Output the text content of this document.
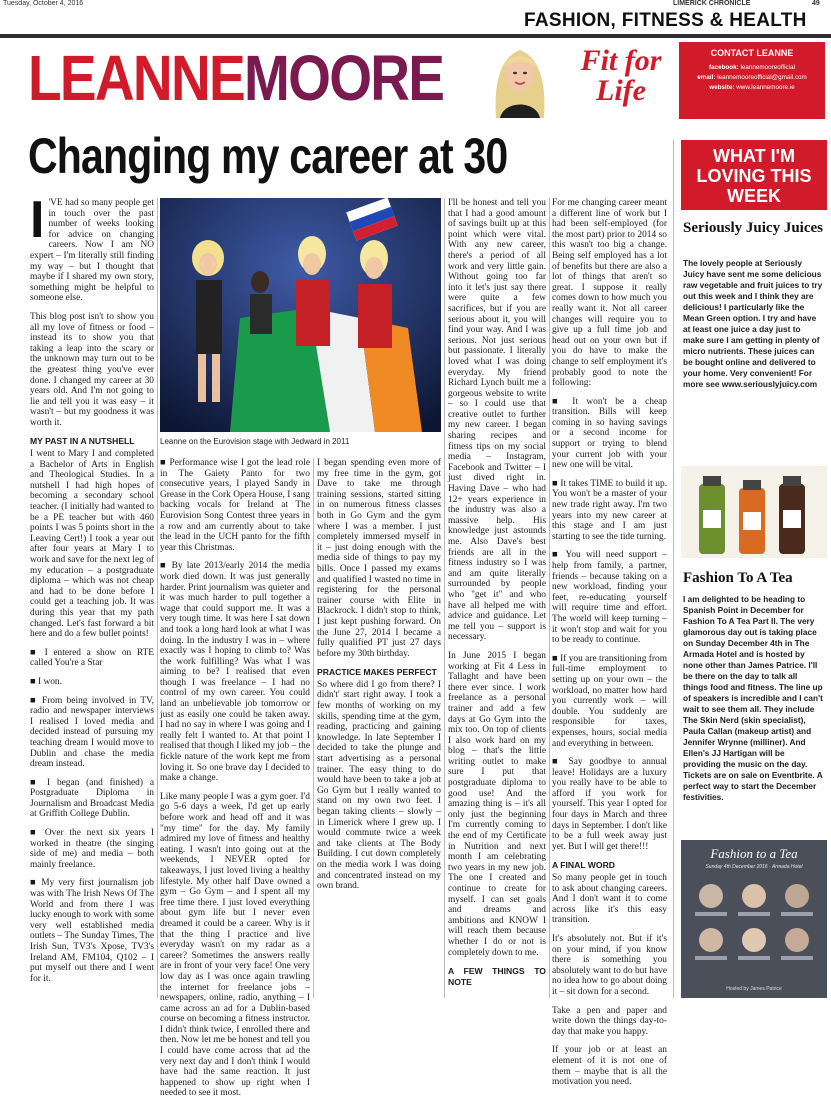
Tuesday, October 4, 2016	LIMERICK CHRONICLE	49
FASHION, FITNESS & HEALTH
LEANNEMOORE	Fit for Life
CONTACT LEANNE
facebook: leannemooreofficial
email: leannemooreofficial@gmail.com
website: www.leannemoore.ie
Changing my career at 30
I 'VE had so many people get in touch over the past number of weeks looking for advice on changing careers. Now I am NO expert – I'm literally still finding my way – but I thought that maybe if I shared my own story, something might be helpful to someone else.

This blog post isn't to show you all my love of fitness or food – instead its to show you that taking a leap into the scary or the unknown may turn out to be the greatest thing you've ever done. I changed my career at 30 years old. And I'm not going to lie and tell you it was easy – it wasn't – but my goodness it was worth it.

MY PAST IN A NUTSHELL

I went to Mary I and completed a Bachelor of Arts in English and Theological Studies. In a nutshell I had high hopes of becoming a secondary school teacher. (I initially had wanted to be a PE teacher but with 460 points I was 5 points short in the Leaving Cert!) I took a year out after four years at Mary I to work and save for the next leg of my education – a postgraduate diploma – which was not cheap and had to be done before I could get a teaching job. It was during this year that my path changed. Let's fast forward a bit here and do a few bullet points!

■ I entered a show on RTE called You're a Star

■ I won.

■ From being involved in TV, radio and newspaper interviews I realised I loved media and decided instead of pursuing my teaching dream I would move to Dublin and chase the media dream instead.

■ I began (and finished) a Postgraduate Diploma in Journalism and Broadcast Media at Griffith College Dublin.

■ Over the next six years I worked in theatre (the singing side of me) and media – both mainly freelance.

■ My very first journalism job was with The Irish News Of The World and from there I was lucky enough to work with some very well established media outlets – The Sunday Times, The Irish Sun, TV3's Xpose, TV3's Ireland AM, FM104, Q102 – I put myself out there and I went for it.

Leanne on the Eurovision stage with Jedward in 2011

■ Performance wise I got the lead role in The Gaiety Panto for two consecutive years, I played Sandy in Grease in the Cork Opera House, I sang backing vocals for Ireland at The Eurovision Song Contest three years in a row and am currently about to take the lead in the UCH panto for the fifth year this Christmas.

■ By late 2013/early 2014 the media work died down. It was just generally harder. Print journalism was quieter and it was much harder to pull together a wage that could support me. It was a very tough time. It was here I sat down and took a long hard look at what I was doing. In the industry I was in – where exactly was I hoping to climb to? Was the work fulfilling? Was what I was aiming to be? I realised that even though I was freelance – I had no control of my own career. You could land an unbelievable job tomorrow or just as easily one could be taken away. I had no say in where I was going and I really felt I wanted to. At that point I realised that though I liked my job – the fickle nature of the work kept me from loving it. So one brave day I decided to make a change.

Like many people I was a gym goer. I'd go 5-6 days a week, I'd get up early before work and head off and it was "my time" for the day. My family admired my love of fitness and healthy eating. I wasn't into going out at the weekends, I NEVER opted for takeaways, I just loved living a healthy lifestyle. My other half Dave owned a gym – Go Gym – and I spent all my free time there. I just loved everything about gym life but I never even dreamed it could be a career. Why is it that the thing I practice and live everyday wasn't on my radar as a career? Sometimes the answers really are in front of your very face! One very low day as I was once again trawling the internet for freelance jobs – newspapers, online, radio, anything – I came across an ad for a Dublin-based course on becoming a fitness instructor. I didn't think twice, I enrolled there and then. Now let me be honest and tell you I could have come across that ad the very next day and I don't think I would have had the same reaction. It just happened to show up right when I needed to see it most.

I began spending even more of my free time in the gym, got Dave to take me through training sessions, started sitting in on numerous fitness classes both in Go Gym and the gym where I was a member. I just completely immersed myself in it – just doing enough with the media side of things to pay my bills. Once I passed my exams and qualified I wasted no time in registering for the personal trainer course with Elite in Blackrock. I didn't stop to think, I just kept pushing forward. On the June 27, 2014 I became a fully qualified PT just 27 days before my 30th birthday.

PRACTICE MAKES PERFECT

So where did I go from there? I didn't' start right away. I took a few months of working on my skills, spending time at the gym, reading, practicing and gaining knowledge. In late September I decided to take the plunge and start advertising as a personal trainer. The easy thing to do would have been to take a job at Go Gym but I really wanted to stand on my own two feet. I began taking clients – slowly – in Limerick where I grew up. I would commute twice a week and take clients at The Body Building. I cut down completely on the media work I was doing and concentrated instead on my own brand.

I'll be honest and tell you that I had a good amount of savings built up at this point which were vital. With any new career, there's a period of all work and very little gain. Without going too far into it let's just say there were quite a few sacrifices, but if you are serious about it, you will find your way. And I was serious. Not just serious but passionate. I literally loved what I was doing everyday. My friend Richard Lynch built me a gorgeous website to write – so I could use that creative outlet to further my new career. I began sharing recipes and fitness tips on my social media – Instagram, Facebook and Twitter – I just dived right in. Having Dave – who had 12+ years experience in the industry was also a massive help. His knowledge just astounds me. Also Dave's best friends are all in the fitness industry so I was and am quite literally surrounded by people who "get it" and who have all helped me with advice and guidance. Let me tell you – support is necessary.

In June 2015 I began working at Fit 4 Less in Tallaght and have been there ever since. I work freelance as a personal trainer and add a few days at Go Gym into the mix too. On top of clients I also work hard on my blog – that's the little writing outlet to make sure I put that postgraduate diploma to good use! And the amazing thing is – it's all only just the beginning I'm currently coming to the end of my Certificate in Nutrition and next month I am celebrating two years in my new job. The one I created and continue to create for myself. I can set goals and dreams and ambitions and KNOW I will reach them because whether I do or not is completely down to me.

A FEW THINGS TO NOTE

For me changing career meant a different line of work but I had been self-employed (for the most part) prior to 2014 so this wasn't too big a change. Being self employed has a lot of benefits but there are also a lot of things that aren't so great. I suppose it really comes down to how much you really want it. Not all career changes will require you to give up a full time job and head out on your own but if you do have to make the change to self employment it's probably good to note the following:

■ It won't be a cheap transition. Bills will keep coming in so having savings or a second income for support or trying to blend your current job with your new one will be vital.

■ It takes TIME to build it up. You won't be a master of your new trade right away. I'm two years into my new career at this stage and I am just starting to see the tide turning.

■ You will need support – help from family, a partner, friends – because taking on a new workload, finding your feet, re-educating yourself will require time and effort. The world will keep turning – it won't stop and wait for you to be ready to continue.

■ If you are transitioning from full-time employment to setting up on your own – the workload, no matter how hard you currently work – will double. You suddenly are responsible for taxes, expenses, hours, social media and everything in between.

■ Say goodbye to annual leave! Holidays are a luxury you really have to be able to afford if you work for yourself. This year I opted for four days in March and three days in September. I don't like to be a full week away just yet. But I will get there!!!

A FINAL WORD

So many people get in touch to ask about changing careers. And I don't want it to come across like it's this easy transition.

It's absolutely not. But if it's on your mind, if you know there is something you absolutely want to do but have no idea how to go about doing it – sit down for a second.

Take a pen and paper and write down the things day-to-day that make you happy.

If your job or at least an element of it is not one of them – maybe that is all the motivation you need.

WHAT I'M LOVING THIS WEEK
Seriously Juicy Juices
The lovely people at Seriously Juicy have sent me some delicious raw vegetable and fruit juices to try out this week and I think they are delicious! I particularly like the Mean Green option. I try and have at least one juice a day just to make sure I am getting in plenty of micro nutrients. These juices can be bought online and delivered to your home. Very convenient! For more see www.seriouslyjuicy.com
Fashion To A Tea
I am delighted to be heading to Spanish Point in December for Fashion To A Tea Part II. The very glamorous day out is taking place on Sunday December 4th in The Armada Hotel and is hosted by none other than James Patrice. I'll be there on the day to talk all things food and fitness. The line up of speakers is incredible and I can't wait to see them all. They include The Skin Nerd (skin specialist), Paula Callan (makeup artist) and Jennifer Wrynne (milliner). And Ellen's JJ Hartigan will be providing the music on the day. Tickets are on sale on Eventbrite. A perfect way to start the December festivities.
Fashion to a Tea
Sunday 4th December 2016 · Armada Hotel
Hosted by James Patrice
